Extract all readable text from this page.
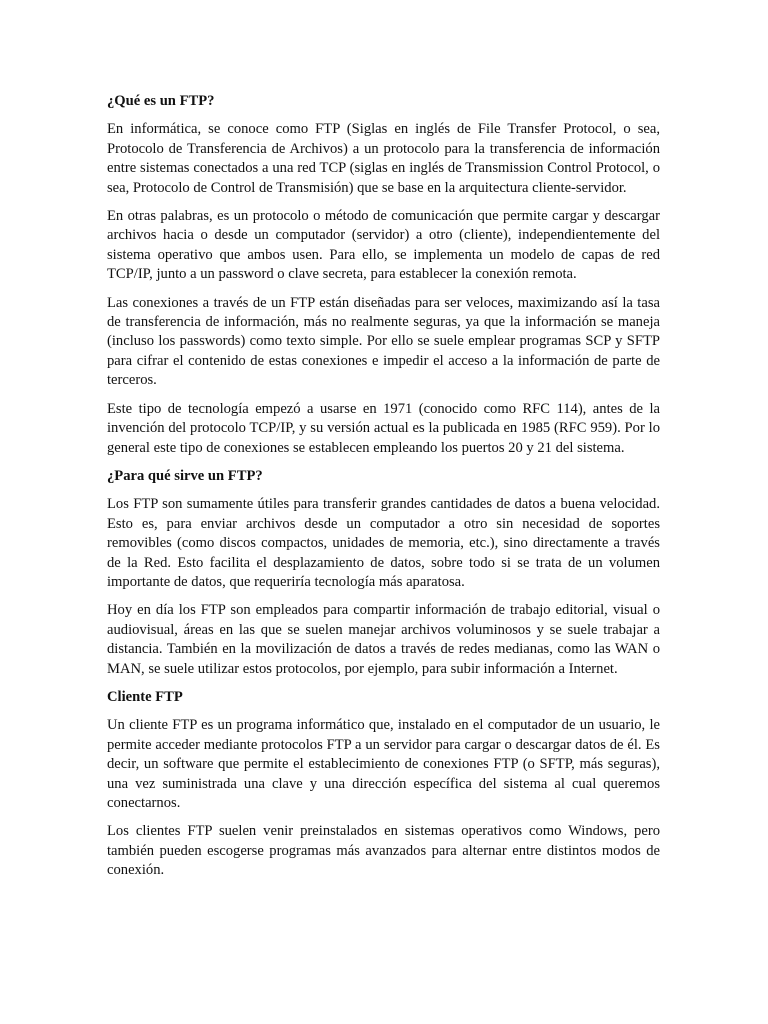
¿Qué es un FTP?

En informática, se conoce como FTP (Siglas en inglés de File Transfer Protocol, o sea, Protocolo de Transferencia de Archivos) a un protocolo para la transferencia de información entre sistemas conectados a una red TCP (siglas en inglés de Transmission Control Protocol, o sea, Protocolo de Control de Transmisión) que se base en la arquitectura cliente-servidor.

En otras palabras, es un protocolo o método de comunicación que permite cargar y descargar archivos hacia o desde un computador (servidor) a otro (cliente), independientemente del sistema operativo que ambos usen. Para ello, se implementa un modelo de capas de red TCP/IP, junto a un password o clave secreta, para establecer la conexión remota.

Las conexiones a través de un FTP están diseñadas para ser veloces, maximizando así la tasa de transferencia de información, más no realmente seguras, ya que la información se maneja (incluso los passwords) como texto simple. Por ello se suele emplear programas SCP y SFTP para cifrar el contenido de estas conexiones e impedir el acceso a la información de parte de terceros.

Este tipo de tecnología empezó a usarse en 1971 (conocido como RFC 114), antes de la invención del protocolo TCP/IP, y su versión actual es la publicada en 1985 (RFC 959). Por lo general este tipo de conexiones se establecen empleando los puertos 20 y 21 del sistema.

¿Para qué sirve un FTP?

Los FTP son sumamente útiles para transferir grandes cantidades de datos a buena velocidad. Esto es, para enviar archivos desde un computador a otro sin necesidad de soportes removibles (como discos compactos, unidades de memoria, etc.), sino directamente a través de la Red. Esto facilita el desplazamiento de datos, sobre todo si se trata de un volumen importante de datos, que requeriría tecnología más aparatosa.

Hoy en día los FTP son empleados para compartir información de trabajo editorial, visual o audiovisual, áreas en las que se suelen manejar archivos voluminosos y se suele trabajar a distancia. También en la movilización de datos a través de redes medianas, como las WAN o MAN, se suele utilizar estos protocolos, por ejemplo, para subir información a Internet.

Cliente FTP

Un cliente FTP es un programa informático que, instalado en el computador de un usuario, le permite acceder mediante protocolos FTP a un servidor para cargar o descargar datos de él. Es decir, un software que permite el establecimiento de conexiones FTP (o SFTP, más seguras), una vez suministrada una clave y una dirección específica del sistema al cual queremos conectarnos.

Los clientes FTP suelen venir preinstalados en sistemas operativos como Windows, pero también pueden escogerse programas más avanzados para alternar entre distintos modos de conexión.
